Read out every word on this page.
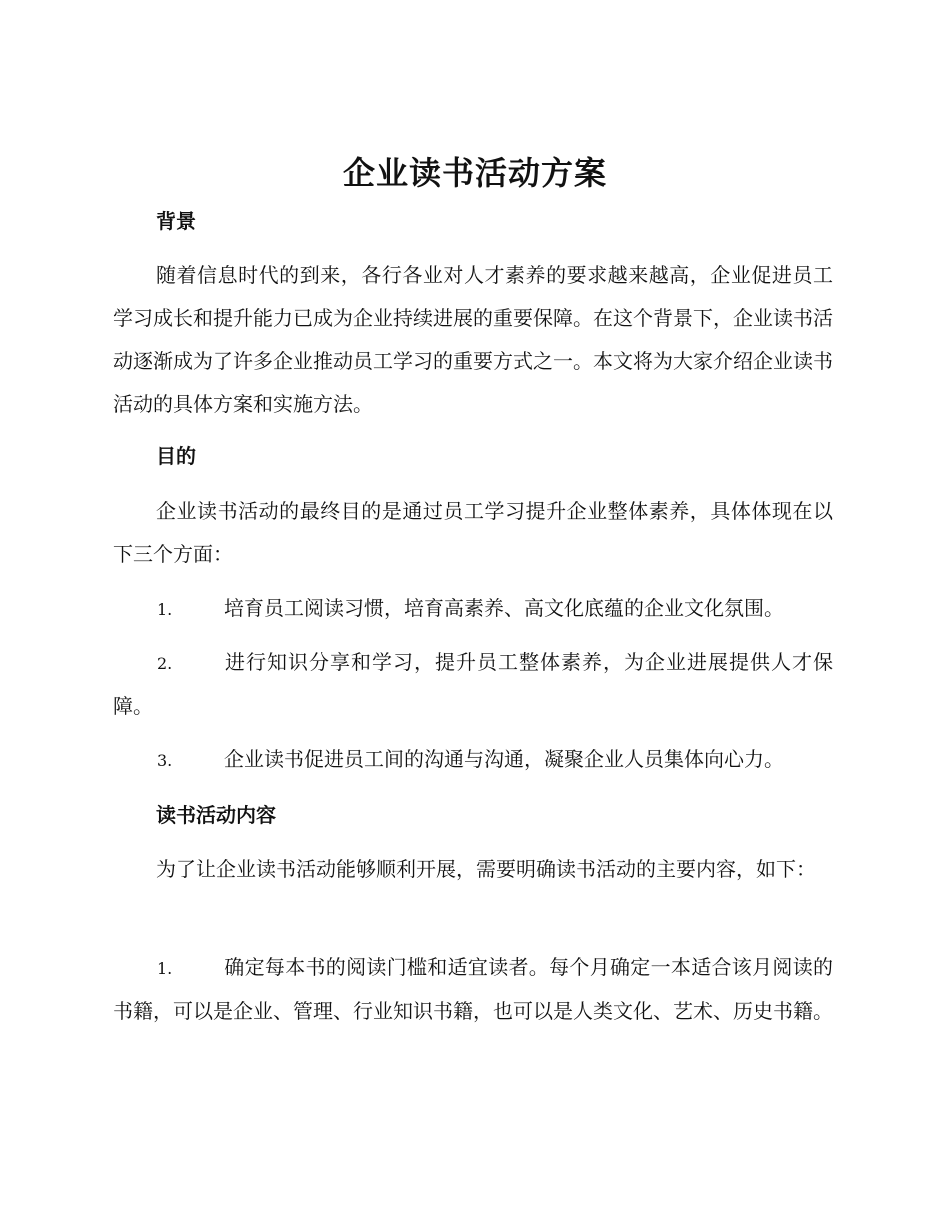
企业读书活动方案
背景

随着信息时代的到来，各行各业对人才素养的要求越来越高，企业促进员工学习成长和提升能力已成为企业持续进展的重要保障。在这个背景下，企业读书活动逐渐成为了许多企业推动员工学习的重要方式之一。本文将为大家介绍企业读书活动的具体方案和实施方法。

目的

企业读书活动的最终目的是通过员工学习提升企业整体素养，具体体现在以下三个方面：

1.	培育员工阅读习惯，培育高素养、高文化底蕴的企业文化氛围。

2.	进行知识分享和学习，提升员工整体素养，为企业进展提供人才保障。

3.	企业读书促进员工间的沟通与沟通，凝聚企业人员集体向心力。

读书活动内容

为了让企业读书活动能够顺利开展，需要明确读书活动的主要内容，如下：

1.	确定每本书的阅读门槛和适宜读者。每个月确定一本适合该月阅读的书籍，可以是企业、管理、行业知识书籍，也可以是人类文化、艺术、历史书籍。
